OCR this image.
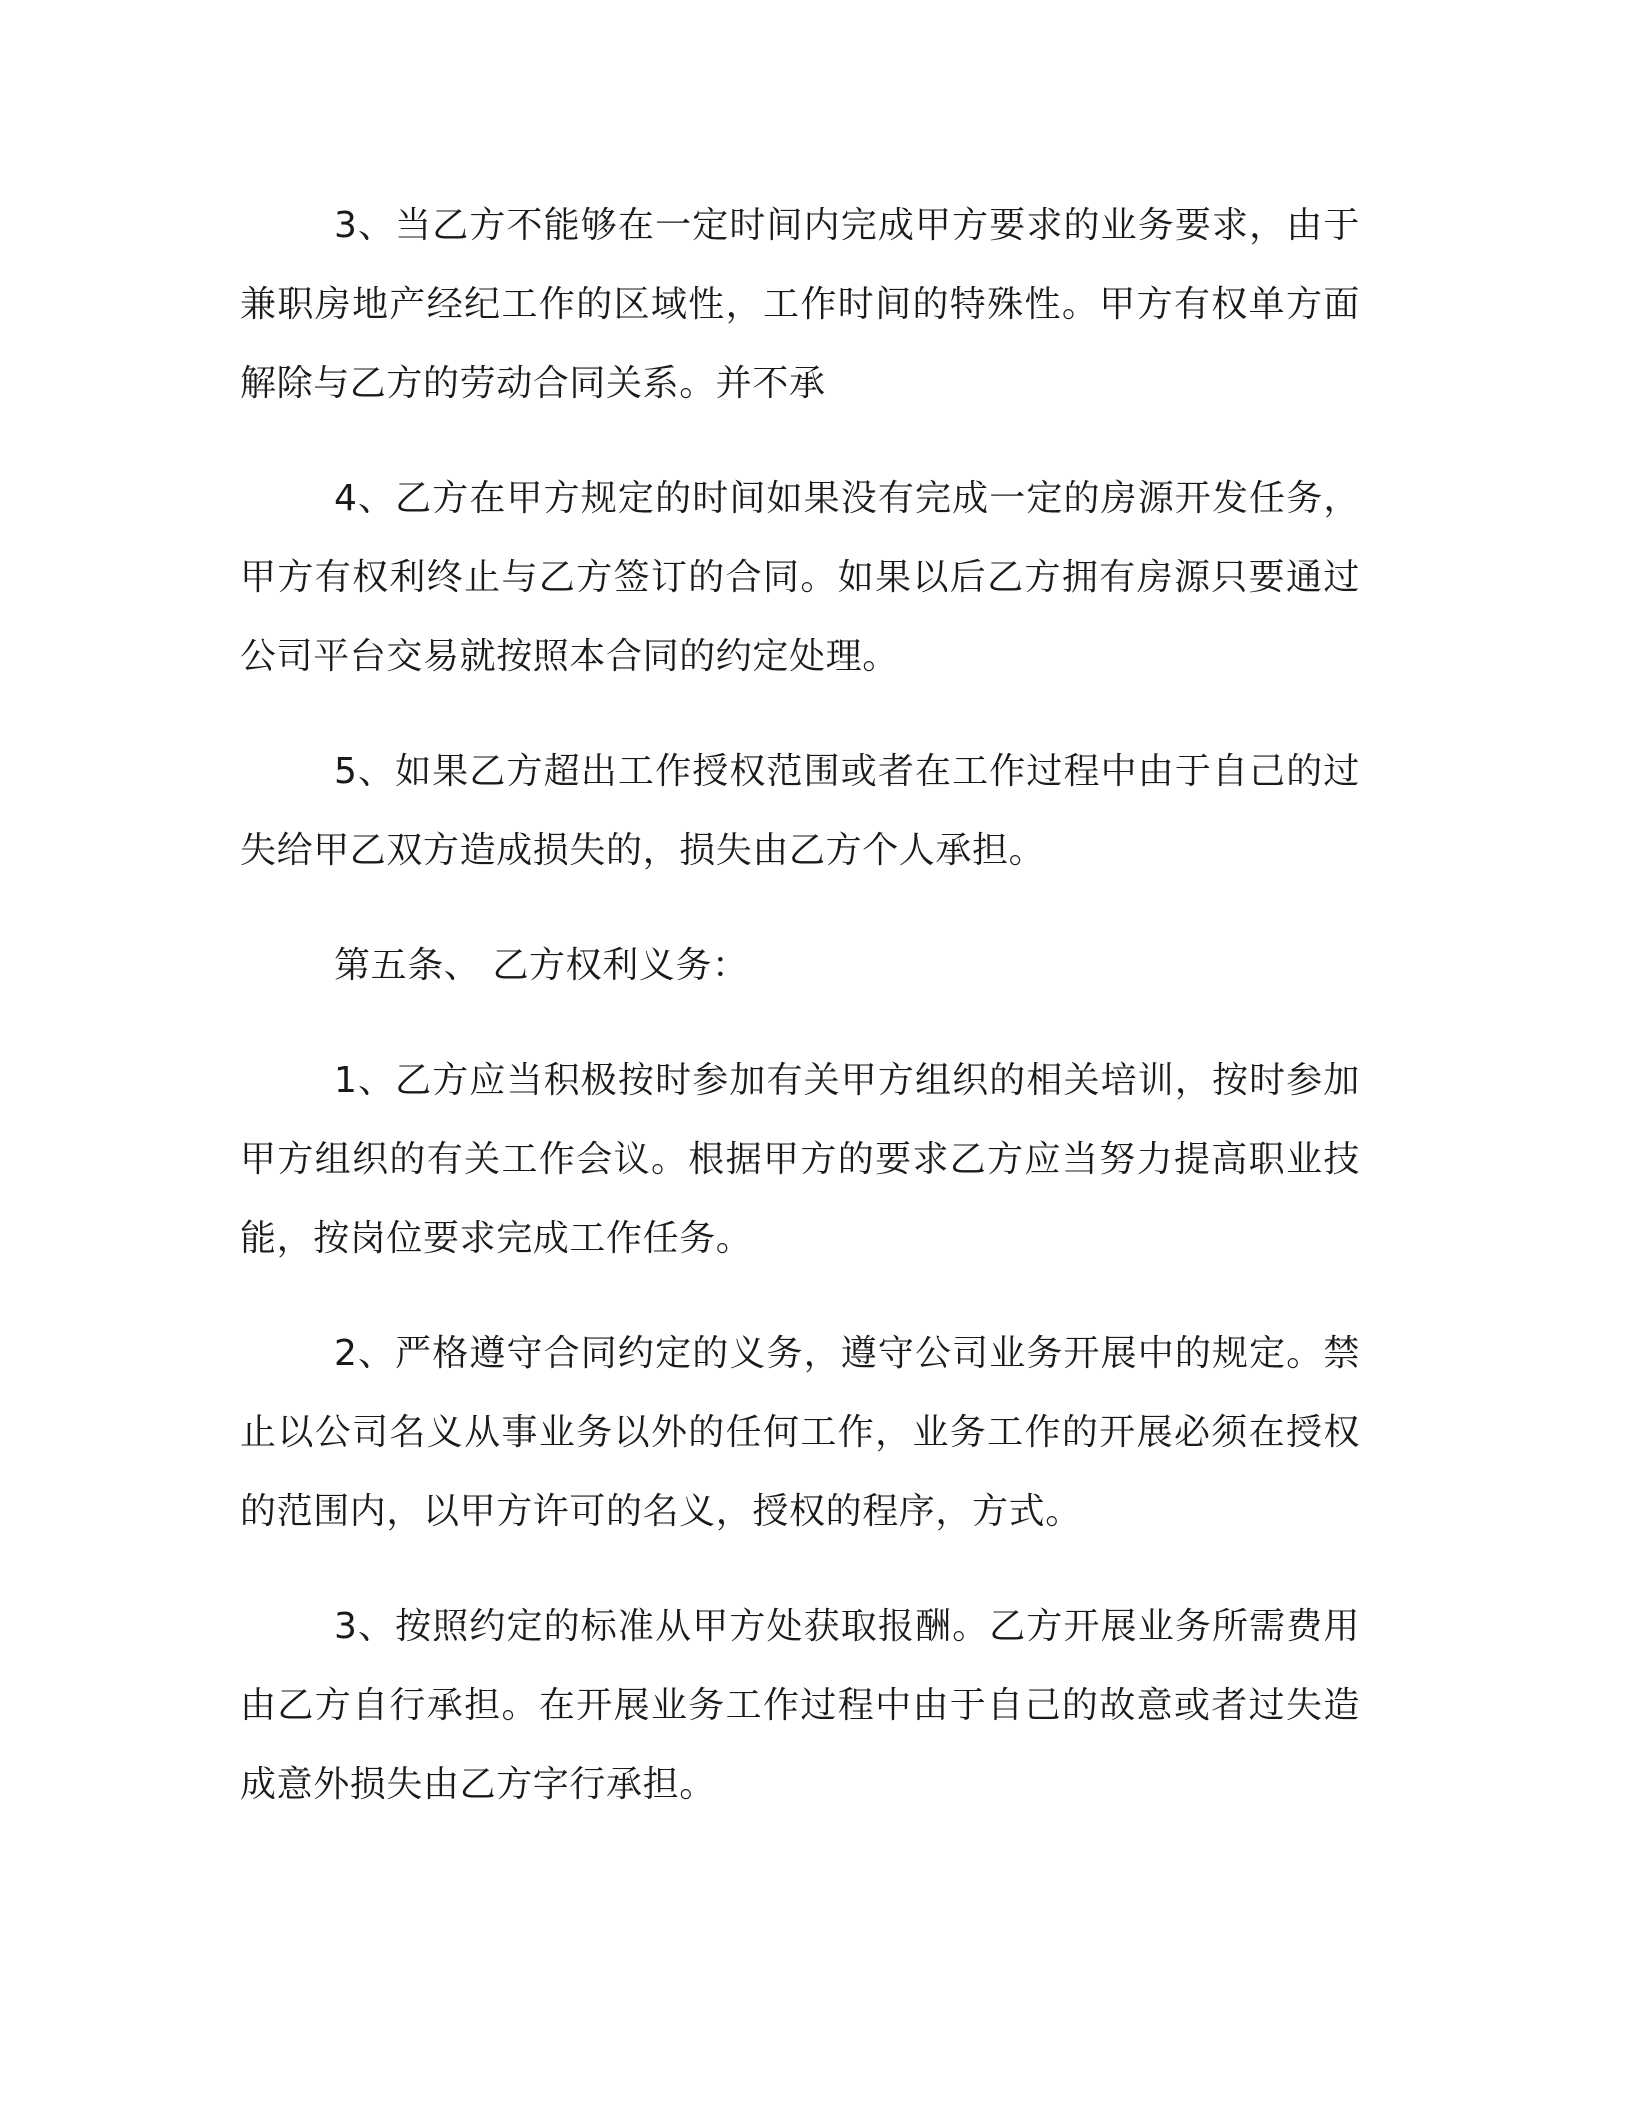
3、当乙方不能够在一定时间内完成甲方要求的业务要求，由于兼职房地产经纪工作的区域性，工作时间的特殊性。甲方有权单方面解除与乙方的劳动合同关系。并不承

4、乙方在甲方规定的时间如果没有完成一定的房源开发任务，甲方有权利终止与乙方签订的合同。如果以后乙方拥有房源只要通过公司平台交易就按照本合同的约定处理。

5、如果乙方超出工作授权范围或者在工作过程中由于自己的过失给甲乙双方造成损失的，损失由乙方个人承担。

第五条、 乙方权利义务：

1、乙方应当积极按时参加有关甲方组织的相关培训，按时参加甲方组织的有关工作会议。根据甲方的要求乙方应当努力提高职业技能，按岗位要求完成工作任务。

2、严格遵守合同约定的义务，遵守公司业务开展中的规定。禁止以公司名义从事业务以外的任何工作，业务工作的开展必须在授权的范围内，以甲方许可的名义，授权的程序，方式。

3、按照约定的标准从甲方处获取报酬。乙方开展业务所需费用由乙方自行承担。在开展业务工作过程中由于自己的故意或者过失造成意外损失由乙方字行承担。
